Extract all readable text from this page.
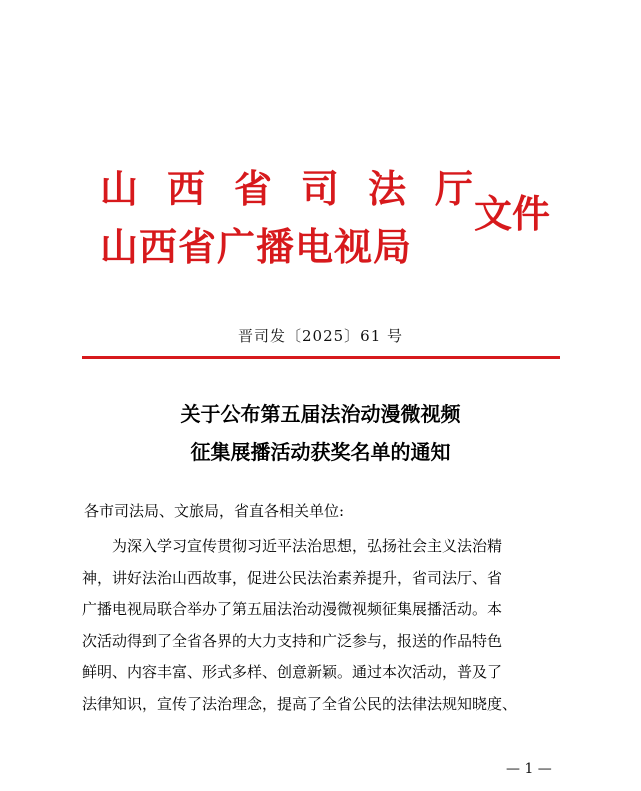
山西省司法厅
山西省广播电视局
文件
晋司发〔2025〕61 号
关于公布第五届法治动漫微视频
征集展播活动获奖名单的通知
各市司法局、文旅局，省直各相关单位:
为深入学习宣传贯彻习近平法治思想，弘扬社会主义法治精
神，讲好法治山西故事，促进公民法治素养提升，省司法厅、省
广播电视局联合举办了第五届法治动漫微视频征集展播活动。本
次活动得到了全省各界的大力支持和广泛参与，报送的作品特色
鲜明、内容丰富、形式多样、创意新颖。通过本次活动，普及了
法律知识，宣传了法治理念，提高了全省公民的法律法规知晓度、
— 1 —
